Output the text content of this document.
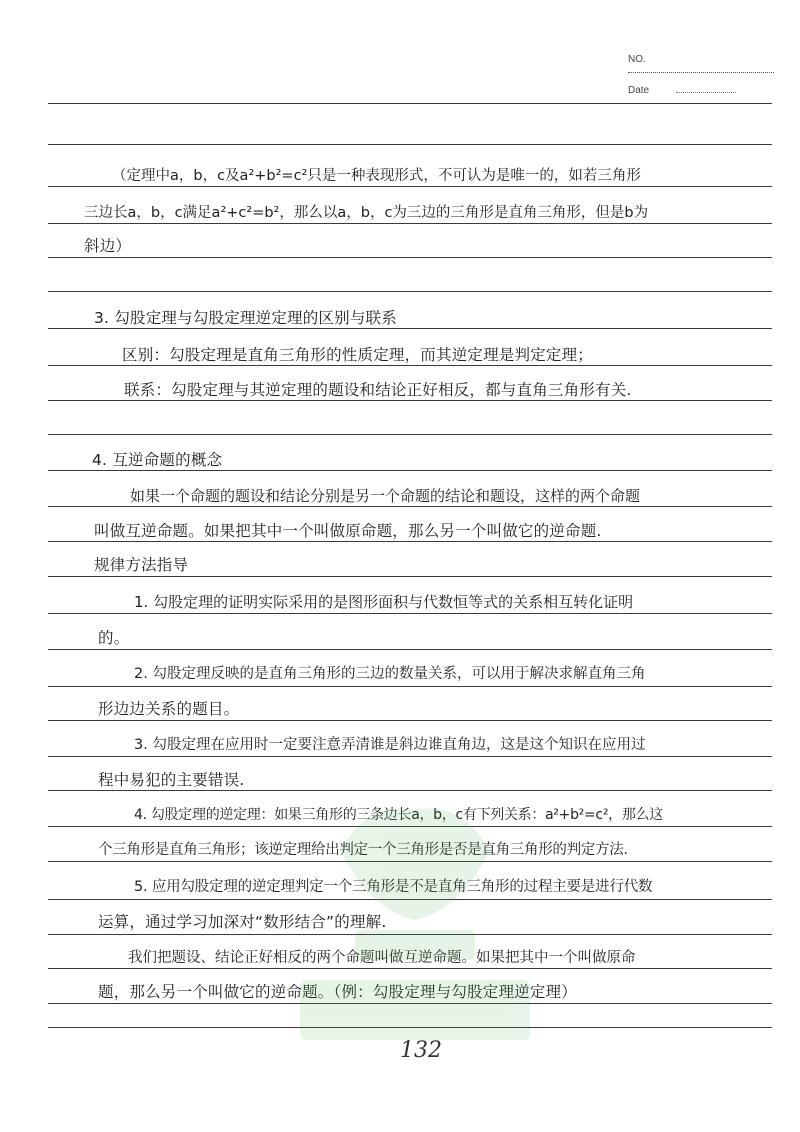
NO.
Date
（定理中a，b，c及a²+b²=c²只是一种表现形式，不可认为是唯一的，如若三角形
三边长a，b，c满足a²+c²=b²，那么以a，b，c为三边的三角形是直角三角形，但是b为
斜边）
3. 勾股定理与勾股定理逆定理的区别与联系
区别：勾股定理是直角三角形的性质定理，而其逆定理是判定定理；
联系：勾股定理与其逆定理的题设和结论正好相反，都与直角三角形有关.
4. 互逆命题的概念
如果一个命题的题设和结论分别是另一个命题的结论和题设，这样的两个命题
叫做互逆命题。如果把其中一个叫做原命题，那么另一个叫做它的逆命题.
规律方法指导
1. 勾股定理的证明实际采用的是图形面积与代数恒等式的关系相互转化证明
的。
2. 勾股定理反映的是直角三角形的三边的数量关系，可以用于解决求解直角三角
形边边关系的题目。
3. 勾股定理在应用时一定要注意弄清谁是斜边谁直角边，这是这个知识在应用过
程中易犯的主要错误.
4. 勾股定理的逆定理：如果三角形的三条边长a，b，c有下列关系：a²+b²=c²，那么这
个三角形是直角三角形；该逆定理给出判定一个三角形是否是直角三角形的判定方法.
5. 应用勾股定理的逆定理判定一个三角形是不是直角三角形的过程主要是进行代数
运算，通过学习加深对“数形结合”的理解.
我们把题设、结论正好相反的两个命题叫做互逆命题。如果把其中一个叫做原命
题，那么另一个叫做它的逆命题。（例：勾股定理与勾股定理逆定理）
132
